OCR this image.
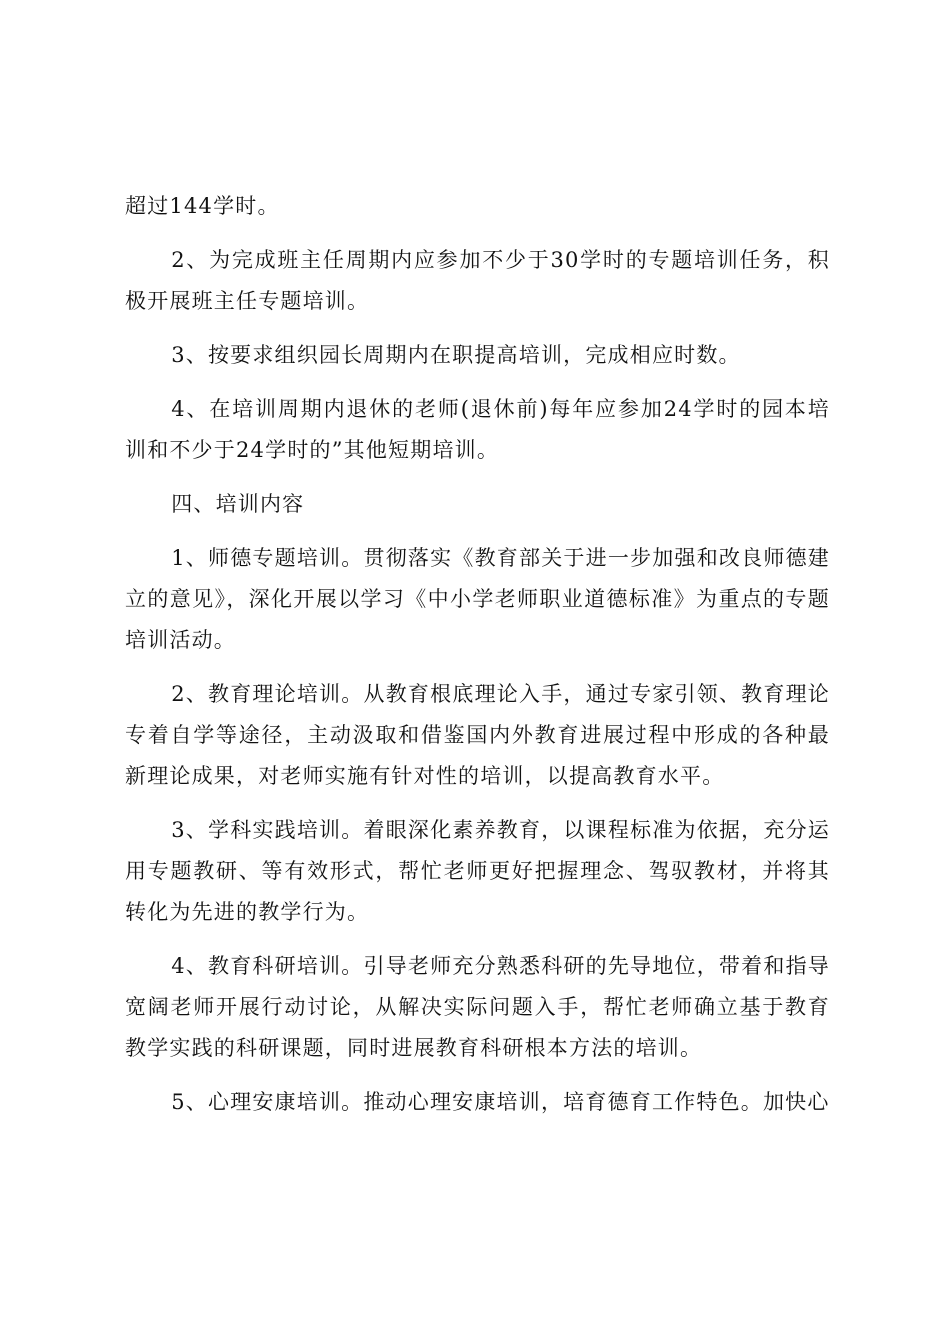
超过144学时。

2、为完成班主任周期内应参加不少于30学时的专题培训任务，积极开展班主任专题培训。

3、按要求组织园长周期内在职提高培训，完成相应时数。

4、在培训周期内退休的老师(退休前)每年应参加24学时的园本培训和不少于24学时的”其他短期培训。

四、培训内容

1、师德专题培训。贯彻落实《教育部关于进一步加强和改良师德建立的意见》，深化开展以学习《中小学老师职业道德标准》为重点的专题培训活动。

2、教育理论培训。从教育根底理论入手，通过专家引领、教育理论专着自学等途径，主动汲取和借鉴国内外教育进展过程中形成的各种最新理论成果，对老师实施有针对性的培训，以提高教育水平。

3、学科实践培训。着眼深化素养教育，以课程标准为依据，充分运用专题教研、等有效形式，帮忙老师更好把握理念、驾驭教材，并将其转化为先进的教学行为。

4、教育科研培训。引导老师充分熟悉科研的先导地位，带着和指导宽阔老师开展行动讨论，从解决实际问题入手，帮忙老师确立基于教育教学实践的科研课题，同时进展教育科研根本方法的培训。

5、心理安康培训。推动心理安康培训，培育德育工作特色。加快心
